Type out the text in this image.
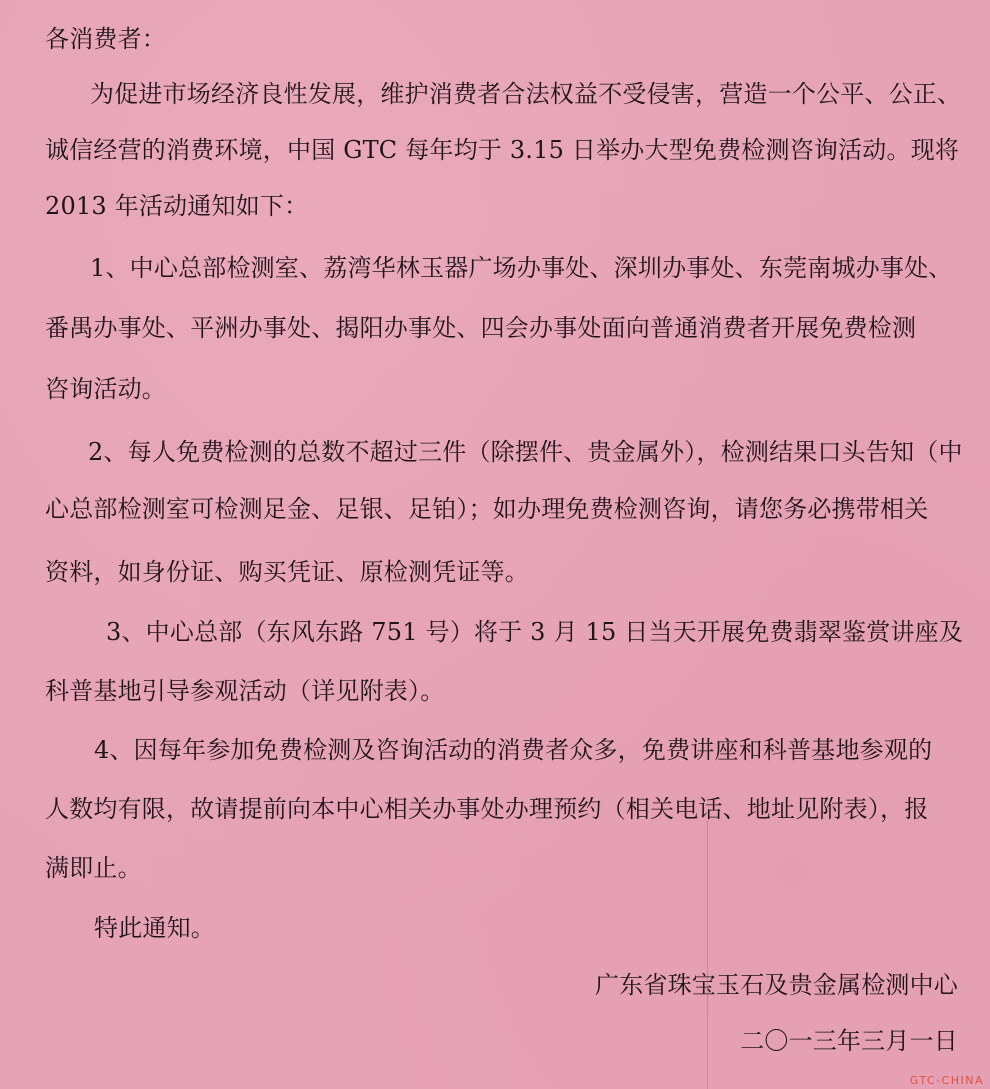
各消费者：
为促进市场经济良性发展，维护消费者合法权益不受侵害，营造一个公平、公正、
诚信经营的消费环境，中国 GTC 每年均于 3.15 日举办大型免费检测咨询活动。现将
2013 年活动通知如下：
1、中心总部检测室、荔湾华林玉器广场办事处、深圳办事处、东莞南城办事处、
番禺办事处、平洲办事处、揭阳办事处、四会办事处面向普通消费者开展免费检测
咨询活动。
2、每人免费检测的总数不超过三件（除摆件、贵金属外），检测结果口头告知（中
心总部检测室可检测足金、足银、足铂）；如办理免费检测咨询，请您务必携带相关
资料，如身份证、购买凭证、原检测凭证等。
3、中心总部（东风东路 751 号）将于 3 月 15 日当天开展免费翡翠鉴赏讲座及
科普基地引导参观活动（详见附表）。
4、因每年参加免费检测及咨询活动的消费者众多，免费讲座和科普基地参观的
人数均有限，故请提前向本中心相关办事处办理预约（相关电话、地址见附表），报
满即止。
特此通知。
广东省珠宝玉石及贵金属检测中心
二〇一三年三月一日
GTC-CHINA
